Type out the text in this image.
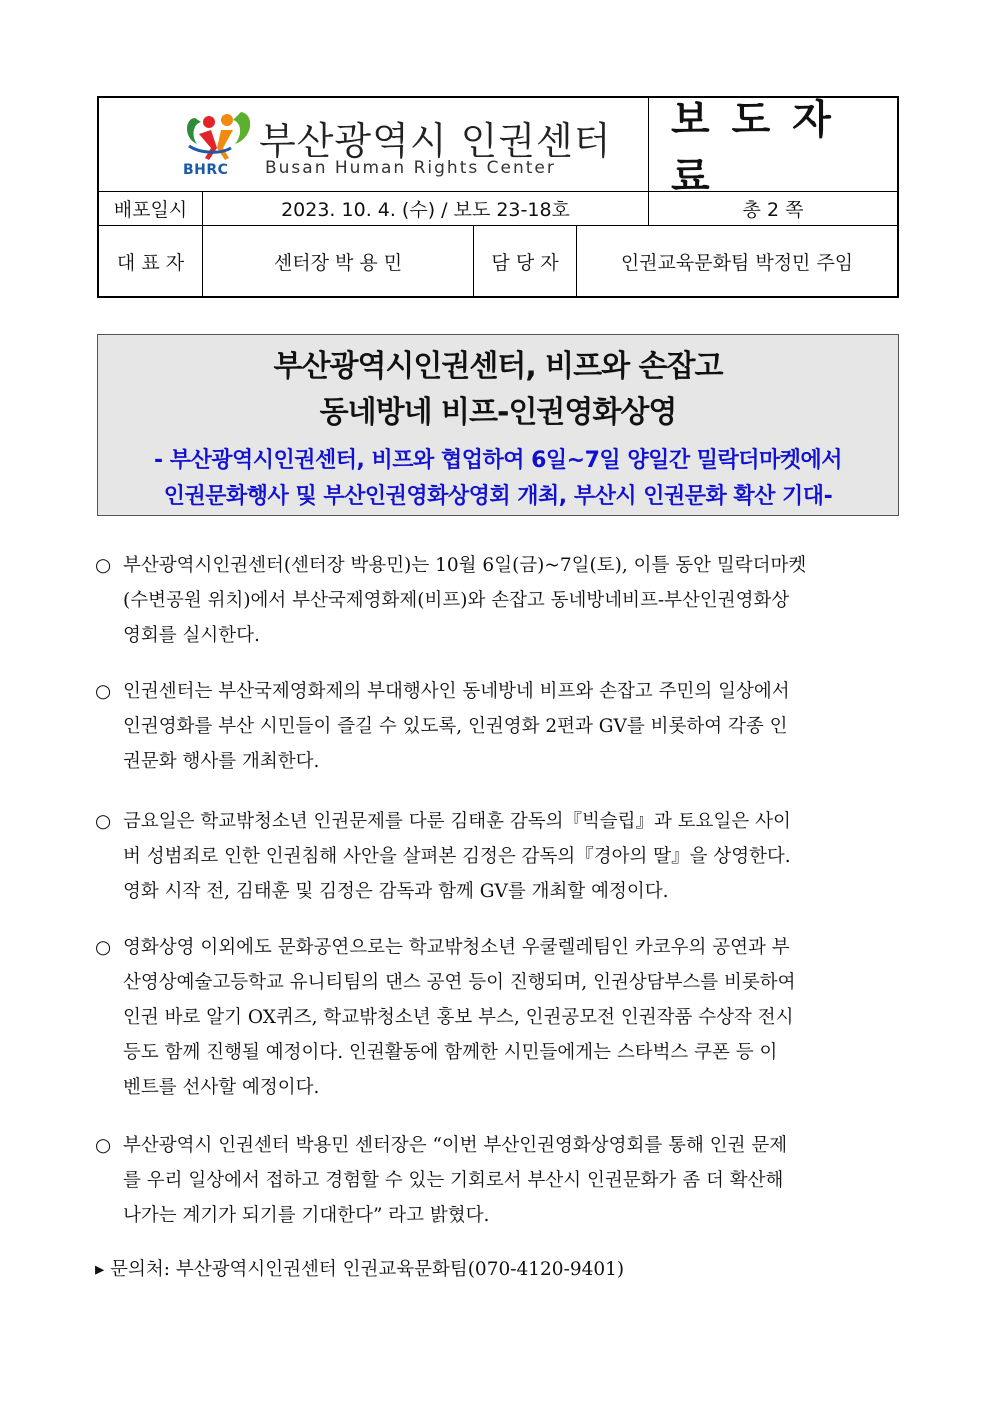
BHRC
부산광역시 인권센터
Busan Human Rights Center
보도자료
배포일시	2023. 10. 4. (수) / 보도 23-18호	총 2 쪽
대 표 자	센터장 박 용 민	담 당 자	인권교육문화팀 박정민 주임
부산광역시인권센터, 비프와 손잡고
동네방네 비프-인권영화상영
- 부산광역시인권센터, 비프와 협업하여 6일~7일 양일간 밀락더마켓에서
인권문화행사 및 부산인권영화상영회 개최, 부산시 인권문화 확산 기대-
○ 부산광역시인권센터(센터장 박용민)는 10월 6일(금)~7일(토), 이틀 동안 밀락더마켓
(수변공원 위치)에서 부산국제영화제(비프)와 손잡고 동네방네비프-부산인권영화상
영회를 실시한다.
○ 인권센터는 부산국제영화제의 부대행사인 동네방네 비프와 손잡고 주민의 일상에서
인권영화를 부산 시민들이 즐길 수 있도록, 인권영화 2편과 GV를 비롯하여 각종 인
권문화 행사를 개최한다.
○ 금요일은 학교밖청소년 인권문제를 다룬 김태훈 감독의『빅슬립』과 토요일은 사이
버 성범죄로 인한 인권침해 사안을 살펴본 김정은 감독의『경아의 딸』을 상영한다.
영화 시작 전, 김태훈 및 김정은 감독과 함께 GV를 개최할 예정이다.
○ 영화상영 이외에도 문화공연으로는 학교밖청소년 우쿨렐레팀인 카코우의 공연과 부
산영상예술고등학교 유니티팀의 댄스 공연 등이 진행되며, 인권상담부스를 비롯하여
인권 바로 알기 OX퀴즈, 학교밖청소년 홍보 부스, 인권공모전 인권작품 수상작 전시
등도 함께 진행될 예정이다. 인권활동에 함께한 시민들에게는 스타벅스 쿠폰 등 이
벤트를 선사할 예정이다.
○ 부산광역시 인권센터 박용민 센터장은 “이번 부산인권영화상영회를 통해 인권 문제
를 우리 일상에서 접하고 경험할 수 있는 기회로서 부산시 인권문화가 좀 더 확산해
나가는 계기가 되기를 기대한다” 라고 밝혔다.
▸ 문의처: 부산광역시인권센터 인권교육문화팀(070-4120-9401)
